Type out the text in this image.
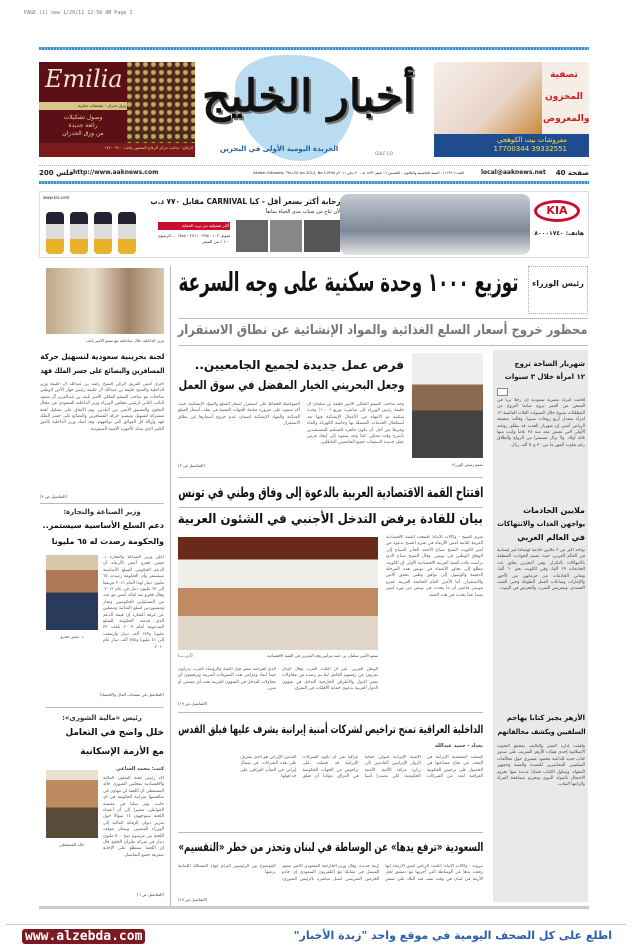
PAGE (1) new 1/20/11 12:56 AM Page 1
Emilia
ورق جدران - مجمعات تجارية
وصول تشكيلات
رائعة جديدة
من ورق الجدران
الرفاع - بجانب مركز الرفاع المعمور هاتف: ١٧٧٠٠٧٧٠
أخبار الخليج
الجريدة اليومية الأولى في البحرين
GULF CO
تصفية
المخزون
والمعروض
مفروشات بيت الكوهجي
17700344 39332551
200 فلس http://www.aaknews.com	العدد (١١٩٩٠) - السنة الخامسة والثلاثون - الخميس ١٦ صفر ١٤٣٢ هـ - ٢٠ يناير ٢٠١١م Akhbar Alkhaleej, Thu 20 Jan 2011, No 11990	local@aaknews.net 40 صفحة
www.kia.com	رحابة أكثر بسعر أقل - كيا CARNIVAL مقابل ٧٧٠ د.ب
لأن تتاح من شباب مدى الحياة سابقاً
أكثر شمولية من بريد الحماية
تمويل ١٠٢ : ٣٩٥ - ٢٧١١ - ١٧٥٥ ... الرسوم ١٠٠ ٪ من السعر
KIA
هاتف: ٨٠٠٠١٧٤٠
رئيس الوزراء
توزيع ١٠٠٠ وحدة سكنية على وجه السرعة
محظور خروج أسعار السلع الغذائية والمواد الإنشائية عن نطاق الاستقرار
فرص عمل جديدة لجميع الجامعيين..
وجعل البحريني الخيار المفضل في سوق العمل
سمو رئيس الوزراء
وجه صاحب السمو الملكي الأمير خليفة بن سلمان آل خليفة رئيس الوزراء إلى مباشرة توزيع (١٠٠٠) وحدة سكنية تم الانتهاء من الأعمال الإنشائية فيها بعد استكمال الخدمات المتصلة بها وخاصة الكهرباء والماء وغيرها من أجل أن تكون جاهزة للتسليم للمستفيدين بأسرع وقت ممكن. كما وجه سموه إلى إيجاد فرص عمل جديدة لاستيعاب جميع الجامعيين العاطلين.
المتواصلة للحفاظ على استقرار أسعار السلع والمواد الإنشائية، حيث أكد سموه على ضرورة متابعة الجهات المعنية في تقلب أسعار السلع الغذائية والمواد الإنشائية لضمان عدم خروج أسعارها عن نطاق الاستقرار.
(التفاصيل ص ٣)
افتتاح القمة الاقتصادية العربية بالدعوة إلى وفاق وطني في تونس
بيان للقادة يرفض التدخل الأجنبي في الشئون العربية
سمو الأمير سلمان بن حمد يترأس وفد البحرين في القمة الاقتصادية
(أ.ف.ب)
شرم الشيخ - وكالات الأنباء: افتتحت القمة الاقتصادية العربية الثانية أمس الأربعاء في شرم الشيخ بدعوة من أمير الكويت الشيخ صباح الأحمد الجابر الصباح إلى الوفاق الوطني في تونس. وقال الشيخ صباح الذي ترأست بلاده القمة العربية الاقتصادية الأولى إن الكويت تتطلع إلى تجاوز الأشقاء في تونس هذه المرحلة الدقيقة والوصول إلى توافق وطني يحقق الأمن والاستقرار. أما الأمين العام للجامعة العربية عمرو موسى فاعتبر أن ما يحدث في تونس من ثورة ليس بعيدا عما يحدث في هذه القمة.
الوطن العربي. غير أن القادة العرب وقال البيان يعربون عن رفضهم الكامل لما تم رصده من محاولات بعض الدول والأطراف الخارجية التدخل في شؤون الدول العربية بدعوى حماية الأقليات في الشرق.
الذي اقترحته مصر قبل القمة والرؤساء العرب يدركون جيدا أبعاد ومرامي هذه التصرفات المريبة ويرفضون أي محاولات للتدخل في الشؤون العربية تحت أي مسمى أو مبرر.
(التفاصيل ص ١٩)
الداخلية العراقية تمنح تراخيص لشركات أمنية إيرانية يشرف عليها فيلق القدس
بغداد - حميد عبدالله
كشفت المفتشية الإيرانية في النجف عن نجاح مساعيها في الحصول على ترخيص الحكومة العراقية لعدد من الشركات الأمنية الإيرانية لتتولى حماية الزوار الإيرانيين القادمين إلى زيارة مراقد الأئمة. الأمنية الحكومية. لكن مصدرا أمنيا عراقيا نفى أن تكون الشركات الإيرانية قد حصلت على تراخيص من الجهات الحكومية في العراق، مؤكدا أن فيلق القدس الإيراني هو الذي يشرف على هذه الشركات. في شمال إيراني في الشأن العراقي على حد قولها.
السعودية «ترفع يدها» عن الوساطة في لبنان وتحذر من خطر «التقسيم»
بيروت - وكالات الأنباء: أعلنت الرياض أمس الأربعاء أنها رفعت يدها عن الوساطة التي أجرتها مع دمشق لحل الأزمة في لبنان في وقت تقف فيه البلاد على شفير أزمة جديدة. وقال وزير الخارجية السعودي الأمير سعود الفيصل في مقابلة مع التلفزيون السعودي إن خادم الحرمين الشريفين اتصل مباشرة بالرئيس السوري. الموضوع بين الرئيسين التزام إنهاء المشكلة اللبنانية برمتها.
(التفاصيل ص ١٩)
وزير الداخلية خلال مباحثاته مع سمو الأمير نايف
لجنة بحرينية سعودية لتسهيل حركة
المسافرين والبضائع على جسر الملك فهد
أجرى أمس الفريق الركن الشيخ راشد بن عبدالله آل خليفة وزير الداخلية والشيخ خليفة بن عبدالله آل خليفة رئيس جهاز الأمن الوطني مباحثات مع صاحب السمو الملكي الأمير نايف بن عبدالعزيز آل سعود النائب الثاني لرئيس مجلس الوزراء وزير الداخلية السعودي في مجال التعاون والتنسيق الأمني بين البلدين، وتم الاتفاق على تشكيل لجنة مشتركة لتسهيل وتيسير حركة المسافرين والبضائع على جسر الملك فهد وإزالة كل العوائق التي تواجههم. وقد أشاد وزير الداخلية بالدور الكبير الذي تبذله الأجهزة الأمنية السعودية.
(التفاصيل ص ٢)
وزير الصناعة والتجارة:
دعم السلع الأساسية سيستمر..
والحكومة رصدت له ٦٥ مليونا
د. حسن فخرو
أعلن وزير الصناعة والتجارة د. حسن فخرو أمس الأربعاء أن الدعم الحكومي للسلع الأساسية سيستمر وأن الحكومة رصدت ٦٥ مليون دينار لهذا العام ٢٠١١ مرتفعا إلى ٦٧ مليون دينار في عام ٢٠١٢. وقال فخرو بعد لقائه أمس مع عدد من المسئولين الحكوميين وتجار ومستوردين لسلع الغذائية وممثلين عن غرفة التجارة إن قيمة الدعم الذي قدمته الحكومة للسلع المدعومة لعام ٢٠٠٩ بلغت ٣٢ مليونا و١٧٣ ألف دينار وارتفعت إلى ٤١ مليونا و٧٨٤ ألف دينار عام ٢٠١٠.
(التفاصيل في صفحات المال والاقتصاد)
رئيس «مالية الشورى»:
خلل واضح في التعامل
مع الأزمة الإسكانية
كتب: محمد الساعي
خالد المسقطي
أكد رئيس لجنة الشئون المالية والاقتصادية بمجلس الشورى خالد المسقطي أن اللجنة لن تتهاون في مناقشتها ميزانية الحكومة في أي جانب يؤثر سلبا في معيشة المواطن، مشيرا إلى أن أعضاء اللجنة سيوجهون ١٤ سؤالا حول تقرير ديوان الرقابة المالية إلى الوزراء المعنيين. وبشأن موقف اللجنة من مرسوم ضخ ٥٠٠ مليون دينار في شركة طيران الخليج قال إن اللجنة ستطلع على الإجابة بمعرفة جميع التفاصيل.
(التفاصيل ص ٦)
شهريار الساحة تزوج
١٢ امرأة خلال ٣ سنوات
أقامت امرأة مصرية سعودية إن رجلا ثريا في السجن من العمر تزوج سابقا التزوج من المطلقات شيوع خلال السنوات الثلاث الماضية ١٢ امرأة بمعدل أربع زوجات سنويا. وقالت صحيفة الرياض أمس إن شهريار الجديد قد يطلق زوجته الأولى التي تعيش معه منذ ٢٨ عاما ولديه منها ثلاثة أولاد. ولا يزال مستمرا من الزواج والطلاق رغم تفاوت المهر ما بين ٣٠ و٥٠ ألف ريال.
ملايين الخادمات
يواجهن العذاب والانتهاكات
في العالم العربي
تواجه أكثر من ٣ ملايين خادمة أوضاعا غير إنسانية في العالم العربي، حيث تتسم الحوادث المتعلقة بالانتهاكات بالتكرار. وفي البحرين تجاوز عدد الخادمات ١٩ ألفا، وفي الكويت نحو ٦٠ ألفا. وتعاني الخادمات من حرمانهن من الأجور والإجازات وساعات العمل الطويلة وحتى العنف الجسدي. ويتعرضن للضرب والتحرش في البيوت.
الأزهر يجيز كتابا يهاجم
السلفيين ويكشف مخالفاتهم
وافقت إدارة النشر والتأليف بمجمع البحوث الإسلامية إحدى هيئات الأزهر الشريف على صدور كتاب جديد للداعية محمود عسيري حول مخالفات السلفيين المعاصرين للعقيدة والسنة وجمهور الفقهاء. ويتناول الكتاب قضايا عديدة منها تحريم الاحتفال بالمولد النبوي وتحريم مصافحة المرأة والزامها النقاب.
www.alzebda.com	اطلع على كل الصحف اليومية في موقع واحد "زبدة الأخبار"
